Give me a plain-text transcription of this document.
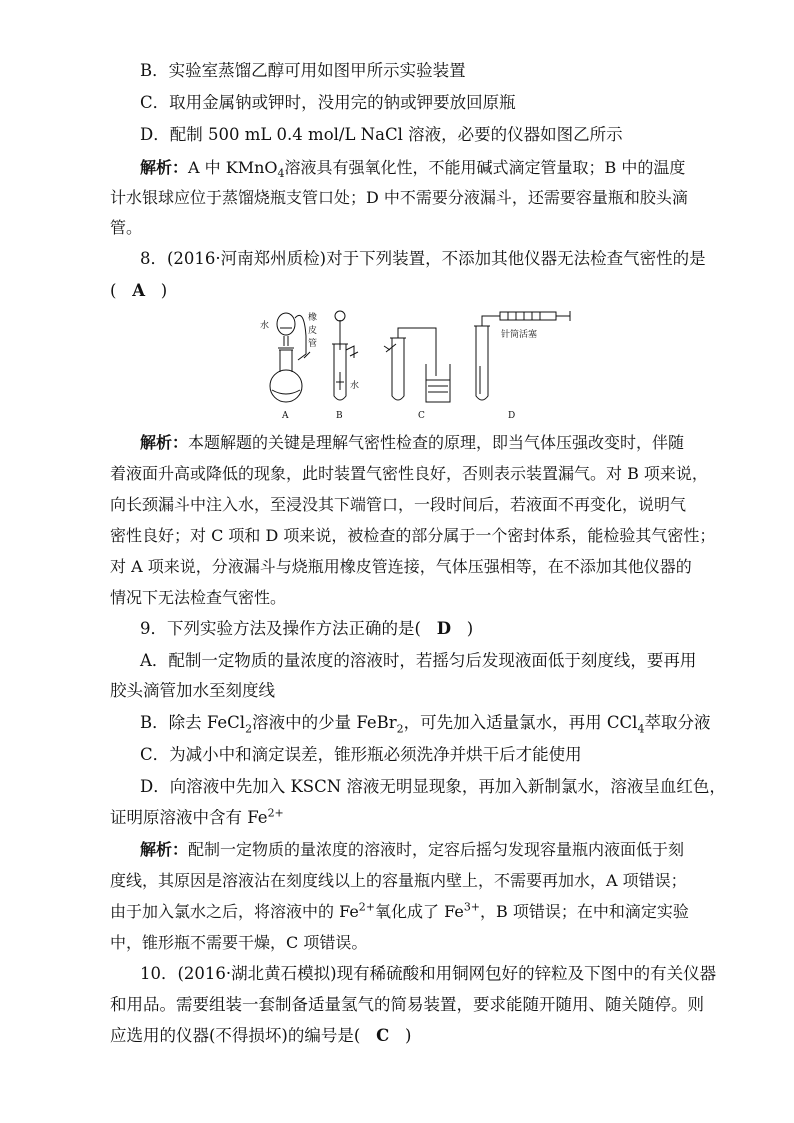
B．实验室蒸馏乙醇可用如图甲所示实验装置
C．取用金属钠或钾时，没用完的钠或钾要放回原瓶
D．配制 500 mL 0.4 mol/L NaCl 溶液，必要的仪器如图乙所示
解析：A 中 KMnO$_4$溶液具有强氧化性，不能用碱式滴定管量取；B 中的温度
计水银球应位于蒸馏烧瓶支管口处；D 中不需要分液漏斗，还需要容量瓶和胶头滴
管。
8．(2016·河南郑州质检)对于下列装置，不添加其他仪器无法检查气密性的是
( A )
水
橡
皮
管
水
针筒活塞
A	B	C	D
解析：本题解题的关键是理解气密性检查的原理，即当气体压强改变时，伴随
着液面升高或降低的现象，此时装置气密性良好，否则表示装置漏气。对 B 项来说，
向长颈漏斗中注入水，至浸没其下端管口，一段时间后，若液面不再变化，说明气
密性良好；对 C 项和 D 项来说，被检查的部分属于一个密封体系，能检验其气密性；
对 A 项来说，分液漏斗与烧瓶用橡皮管连接，气体压强相等，在不添加其他仪器的
情况下无法检查气密性。
9．下列实验方法及操作方法正确的是( D )
A．配制一定物质的量浓度的溶液时，若摇匀后发现液面低于刻度线，要再用
胶头滴管加水至刻度线
B．除去 FeCl$_2$溶液中的少量 FeBr$_2$，可先加入适量氯水，再用 CCl$_4$萃取分液
C．为减小中和滴定误差，锥形瓶必须洗净并烘干后才能使用
D．向溶液中先加入 KSCN 溶液无明显现象，再加入新制氯水，溶液呈血红色，
证明原溶液中含有 $Fe^{2+}$
解析：配制一定物质的量浓度的溶液时，定容后摇匀发现容量瓶内液面低于刻
度线，其原因是溶液沾在刻度线以上的容量瓶内壁上，不需要再加水，A 项错误；
由于加入氯水之后，将溶液中的 $Fe^{2+}$氧化成了 $Fe^{3+}$，B 项错误；在中和滴定实验
中，锥形瓶不需要干燥，C 项错误。
10．(2016·湖北黄石模拟)现有稀硫酸和用铜网包好的锌粒及下图中的有关仪器
和用品。需要组装一套制备适量氢气的简易装置，要求能随开随用、随关随停。则
应选用的仪器(不得损坏)的编号是( C )
